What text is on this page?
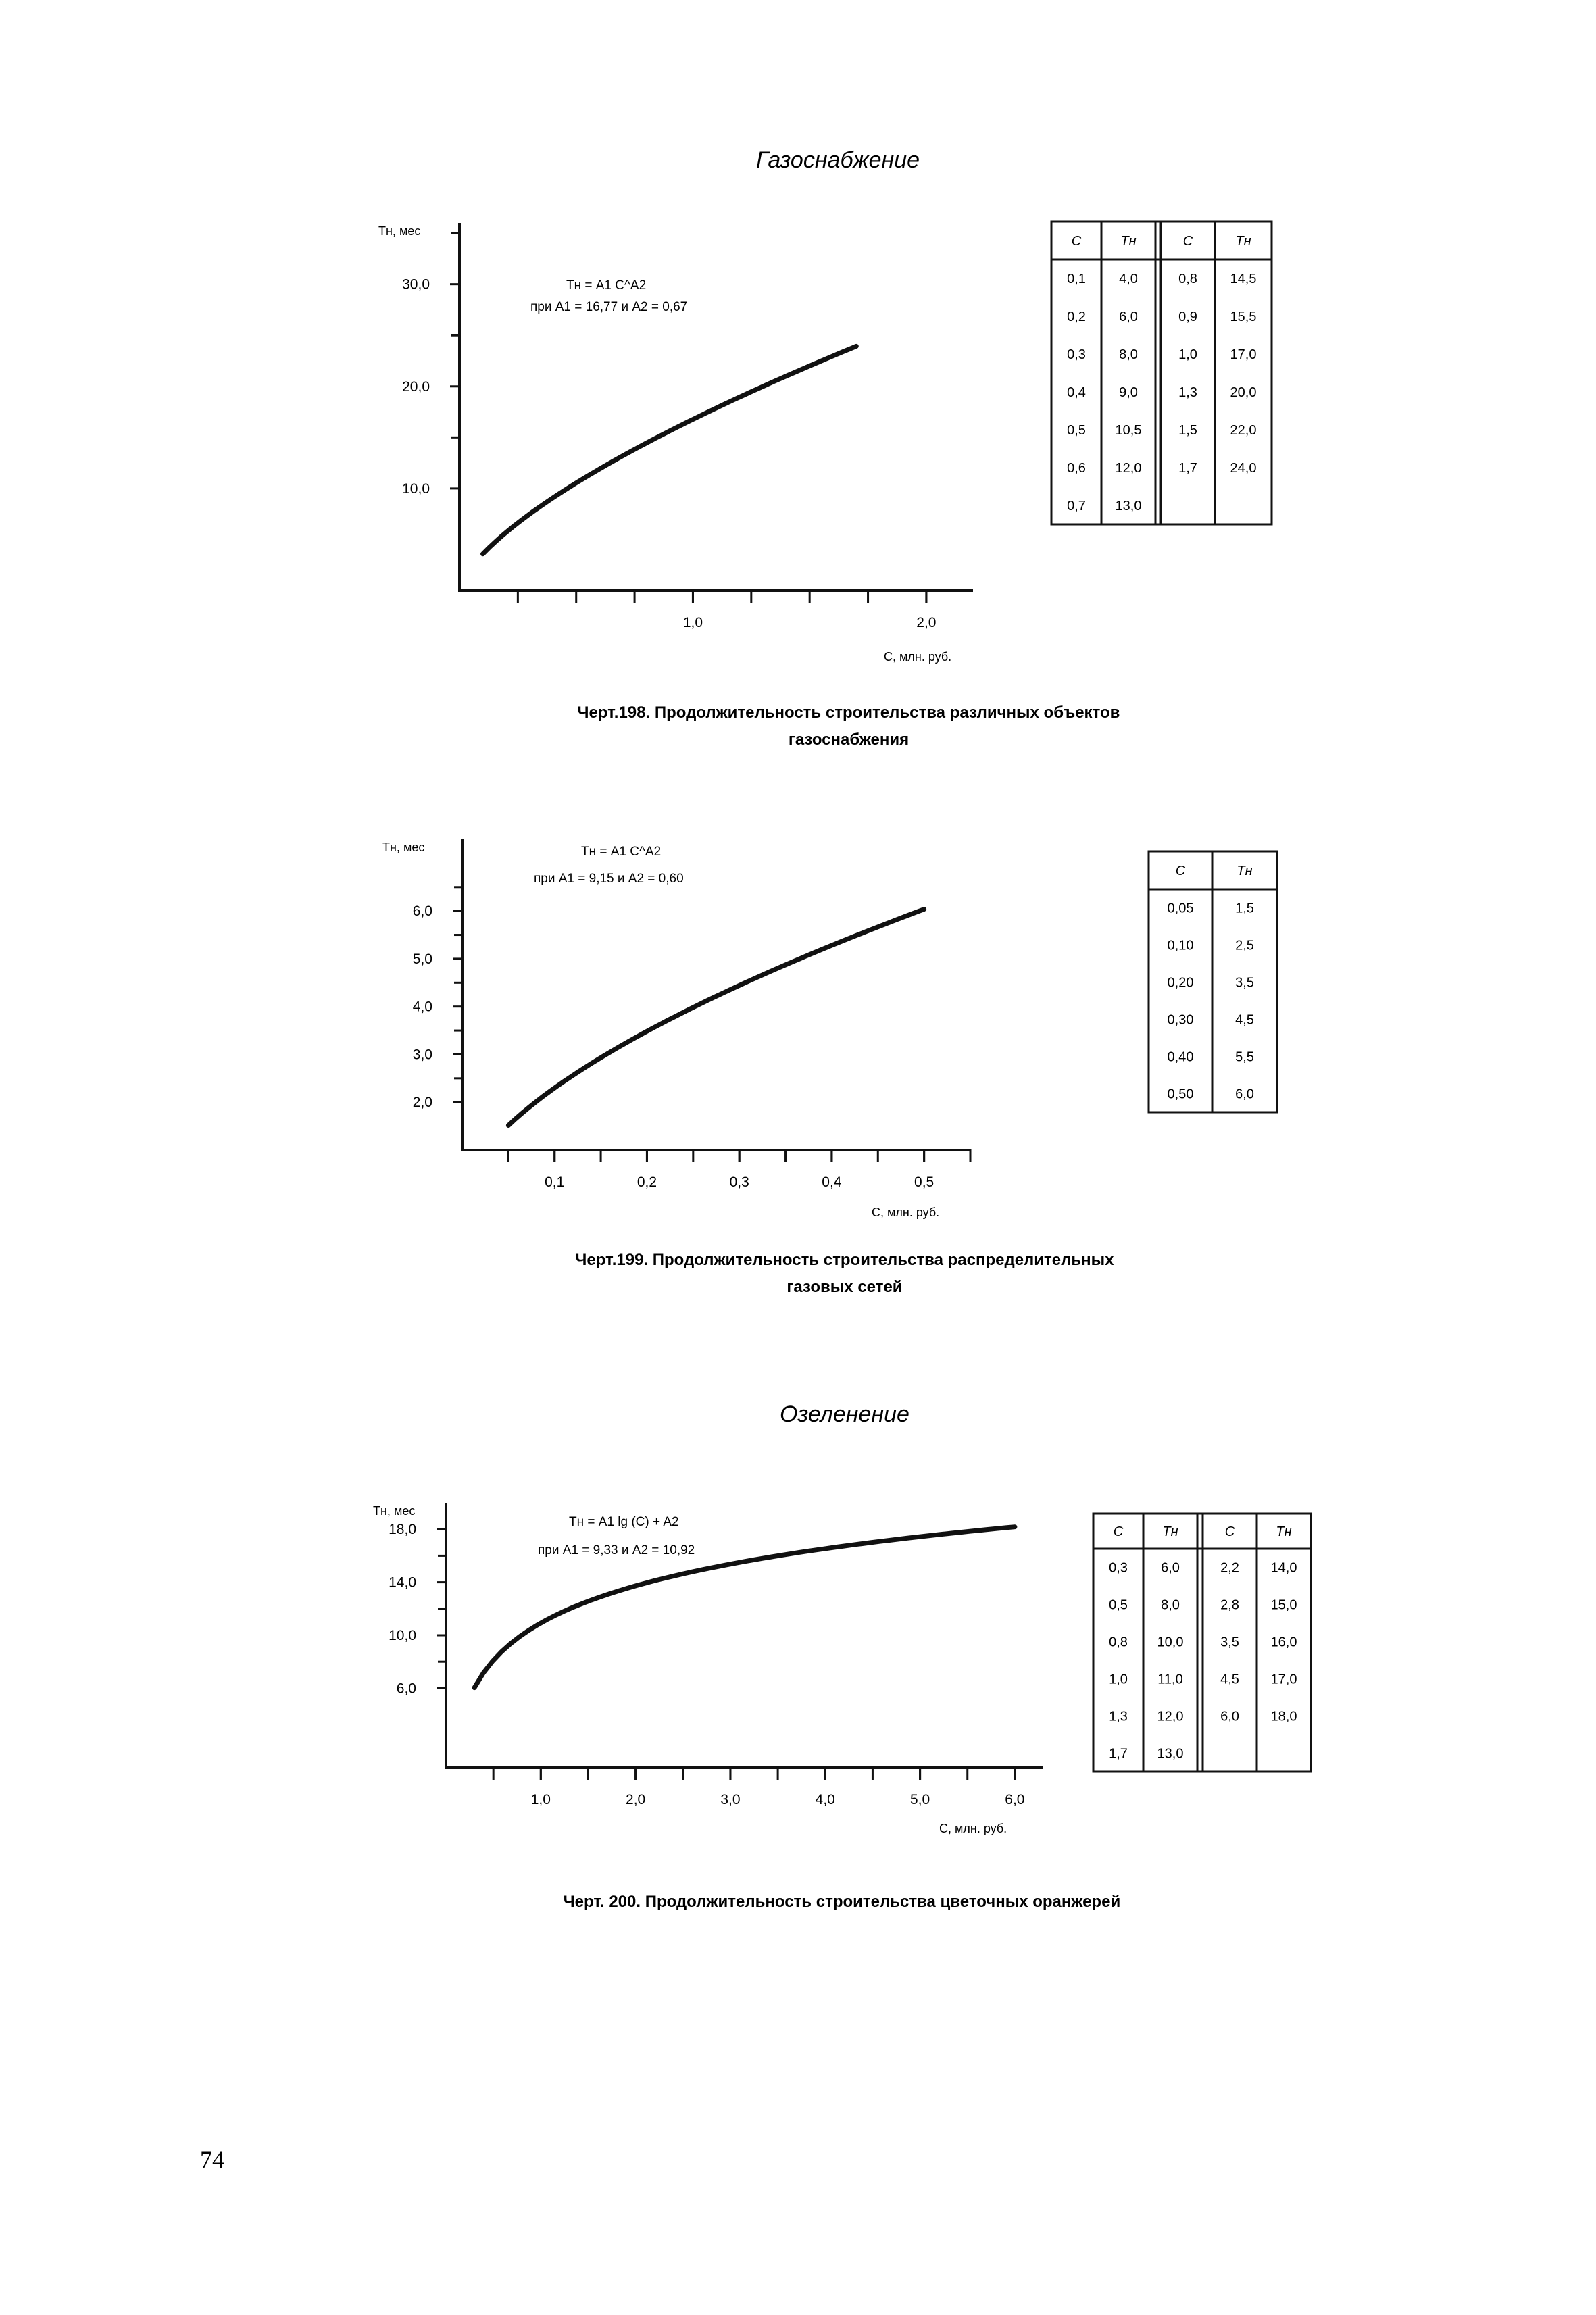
Газоснабжение
Тн, мес
Тн = A1 C^A2
при A1 = 16,77 и A2 = 0,67
10,0
20,0
30,0
1,0	2,0
С, млн. руб.
С	Тн	С	Тн
0,1 4,0	0,8 14,5
0,2 6,0	0,9 15,5
0,3 8,0	1,0 17,0
0,4 9,0	1,3 20,0
0,5 10,5	1,5 22,0
0,6 12,0	1,7 24,0
0,7 13,0
Черт.198. Продолжительность строительства различных объектов
газоснабжения
Тн, мес	Тн = A1 C^A2
при A1 = 9,15 и A2 = 0,60
2,0
3,0
4,0
5,0
6,0
0,1	0,2	0,3	0,4	0,5
С, млн. руб.
С	Тн
0,05	1,5
0,10	2,5
0,20	3,5
0,30	4,5
0,40	5,5
0,50	6,0
Черт.199. Продолжительность строительства распределительных
газовых сетей
Озеленение
Тн, мес
Тн = A1 lg (C) + A2
при A1 = 9,33 и A2 = 10,92
6,0
10,0
14,0
18,0
1,0	2,0	3,0	4,0	5,0	6,0
С, млн. руб.
С	Тн	С	Тн
0,3 6,0	2,2 14,0
0,5 8,0	2,8 15,0
0,8 10,0	3,5 16,0
1,0 11,0	4,5 17,0
1,3 12,0	6,0 18,0
1,7 13,0
Черт. 200. Продолжительность строительства цветочных оранжерей
74
